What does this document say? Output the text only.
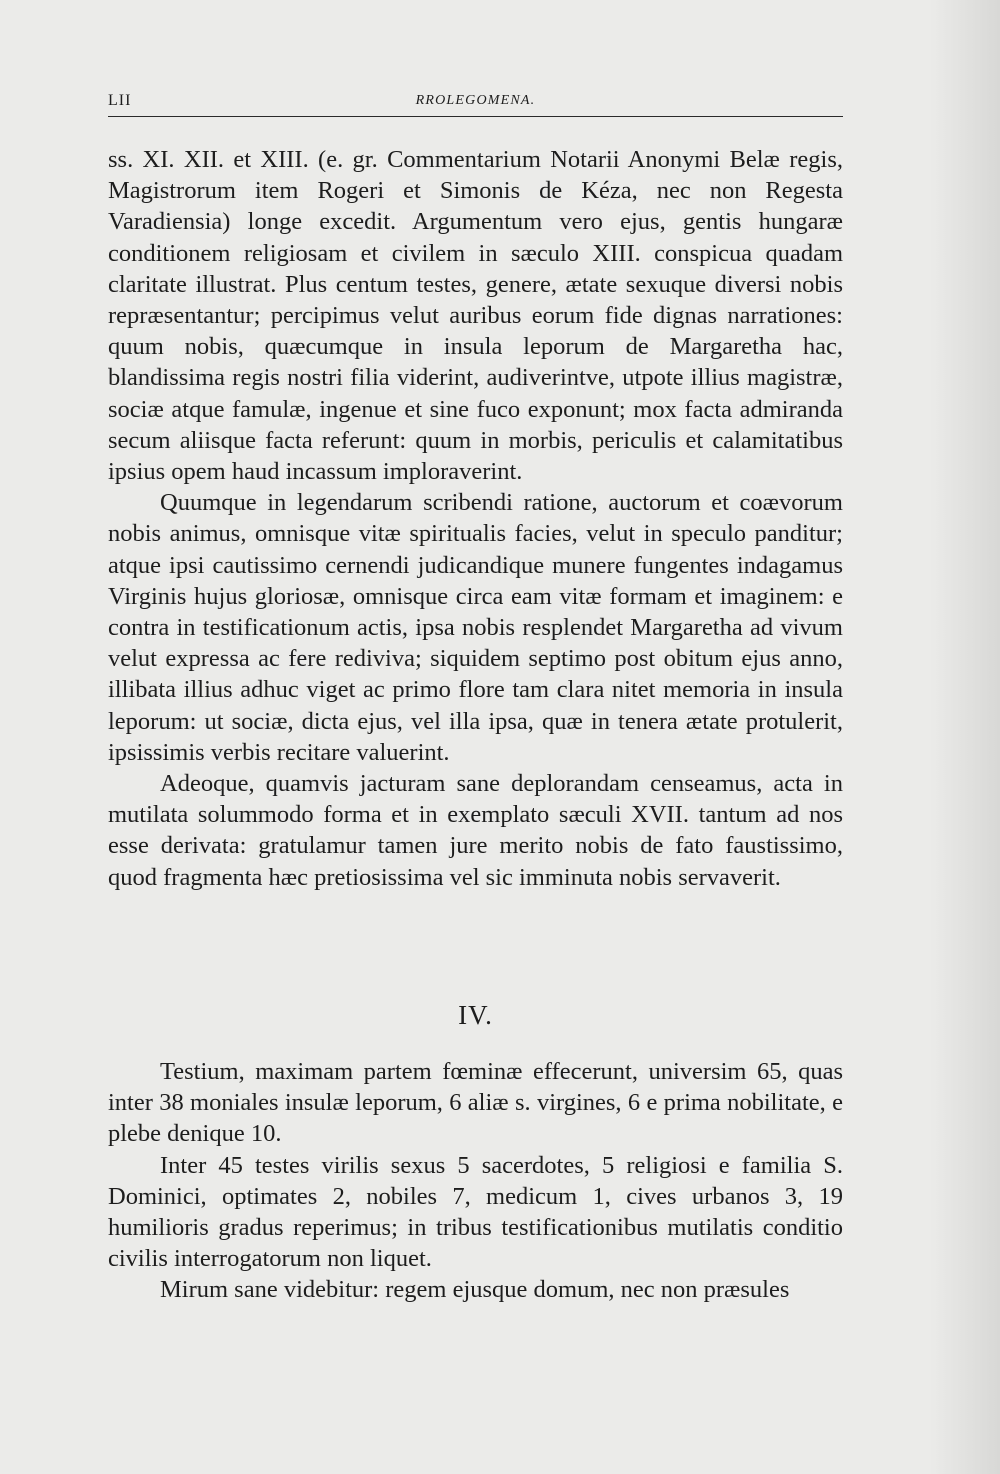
LII	RROLEGOMENA.

ss. XI. XII. et XIII. (e. gr. Commentarium Notarii Anonymi Belæ regis, Magistrorum item Rogeri et Simonis de Kéza, nec non Regesta Varadiensia) longe excedit. Argumentum vero ejus, gentis hungaræ conditionem religiosam et civilem in sæculo XIII. conspicua quadam claritate illustrat. Plus centum testes, genere, ætate sexuque diversi nobis repræsentantur; percipimus velut auribus eorum fide dignas narrationes: quum nobis, quæcumque in insula leporum de Margaretha hac, blandissima regis nostri filia viderint, audiverintve, utpote illius magistræ, sociæ atque famulæ, ingenue et sine fuco exponunt; mox facta admiranda secum aliisque facta referunt: quum in morbis, periculis et calamitatibus ipsius opem haud incassum imploraverint.

Quumque in legendarum scribendi ratione, auctorum et coævorum nobis animus, omnisque vitæ spiritualis facies, velut in speculo panditur; atque ipsi cautissimo cernendi judicandique munere fungentes indagamus Virginis hujus gloriosæ, omnisque circa eam vitæ formam et imaginem: e contra in testificationum actis, ipsa nobis resplendet Margaretha ad vivum velut expressa ac fere rediviva; siquidem septimo post obitum ejus anno, illibata illius adhuc viget ac primo flore tam clara nitet memoria in insula leporum: ut sociæ, dicta ejus, vel illa ipsa, quæ in tenera ætate protulerit, ipsissimis verbis recitare valuerint.

Adeoque, quamvis jacturam sane deplorandam censeamus, acta in mutilata solummodo forma et in exemplato sæculi XVII. tantum ad nos esse derivata: gratulamur tamen jure merito nobis de fato faustissimo, quod fragmenta hæc pretiosissima vel sic imminuta nobis servaverit.

IV.

Testium, maximam partem fœminæ effecerunt, universim 65, quas inter 38 moniales insulæ leporum, 6 aliæ s. virgines, 6 e prima nobilitate, e plebe denique 10.

Inter 45 testes virilis sexus 5 sacerdotes, 5 religiosi e familia S. Dominici, optimates 2, nobiles 7, medicum 1, cives urbanos 3, 19 humilioris gradus reperimus; in tribus testificationibus mutilatis conditio civilis interrogatorum non liquet.

Mirum sane videbitur: regem ejusque domum, nec non præsules
